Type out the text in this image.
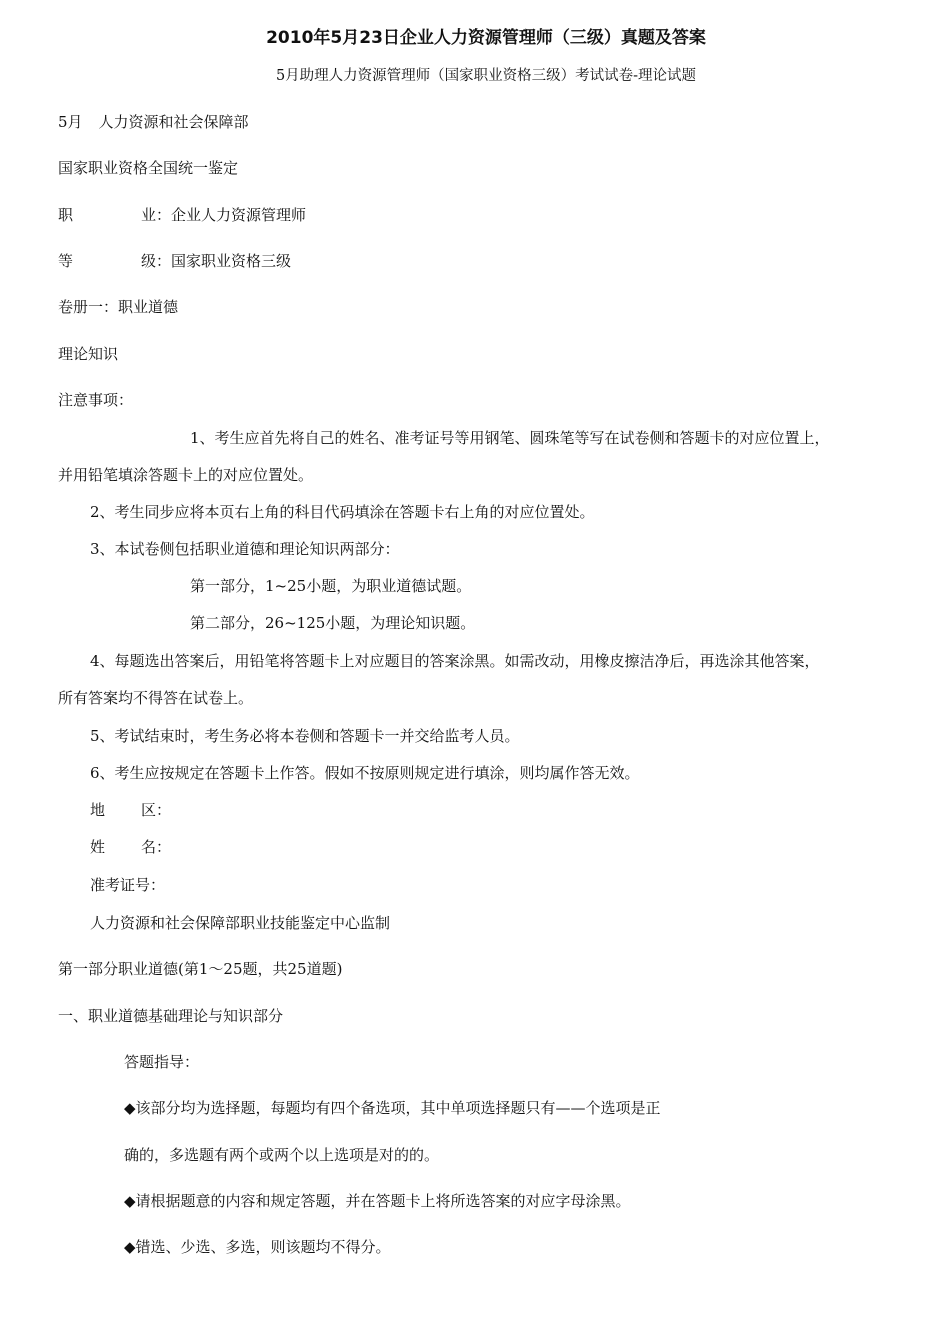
2010年5月23日企业人力资源管理师（三级）真题及答案
5月助理人力资源管理师（国家职业资格三级）考试试卷-理论试题
5月 人力资源和社会保障部
国家职业资格全国统一鉴定
职	业：企业人力资源管理师
等	级：国家职业资格三级
卷册一：职业道德
理论知识
注意事项：
1、考生应首先将自己的姓名、准考证号等用钢笔、圆珠笔等写在试卷侧和答题卡的对应位置上，
并用铅笔填涂答题卡上的对应位置处。
2、考生同步应将本页右上角的科目代码填涂在答题卡右上角的对应位置处。
3、本试卷侧包括职业道德和理论知识两部分：
第一部分，1~25小题，为职业道德试题。
第二部分，26~125小题，为理论知识题。
4、每题选出答案后，用铅笔将答题卡上对应题目的答案涂黑。如需改动，用橡皮擦洁净后，再选涂其他答案，
所有答案均不得答在试卷上。
5、考试结束时，考生务必将本卷侧和答题卡一并交给监考人员。
6、考生应按规定在答题卡上作答。假如不按原则规定进行填涂，则均属作答无效。
地 区：
姓 名：
准考证号：
人力资源和社会保障部职业技能鉴定中心监制
第一部分职业道德(第1～25题，共25道题)
一、职业道德基础理论与知识部分
答题指导：
◆该部分均为选择题，每题均有四个备选项，其中单项选择题只有——个选项是正
确的，多选题有两个或两个以上选项是对的的。
◆请根据题意的内容和规定答题，并在答题卡上将所选答案的对应字母涂黑。
◆错选、少选、多选，则该题均不得分。
